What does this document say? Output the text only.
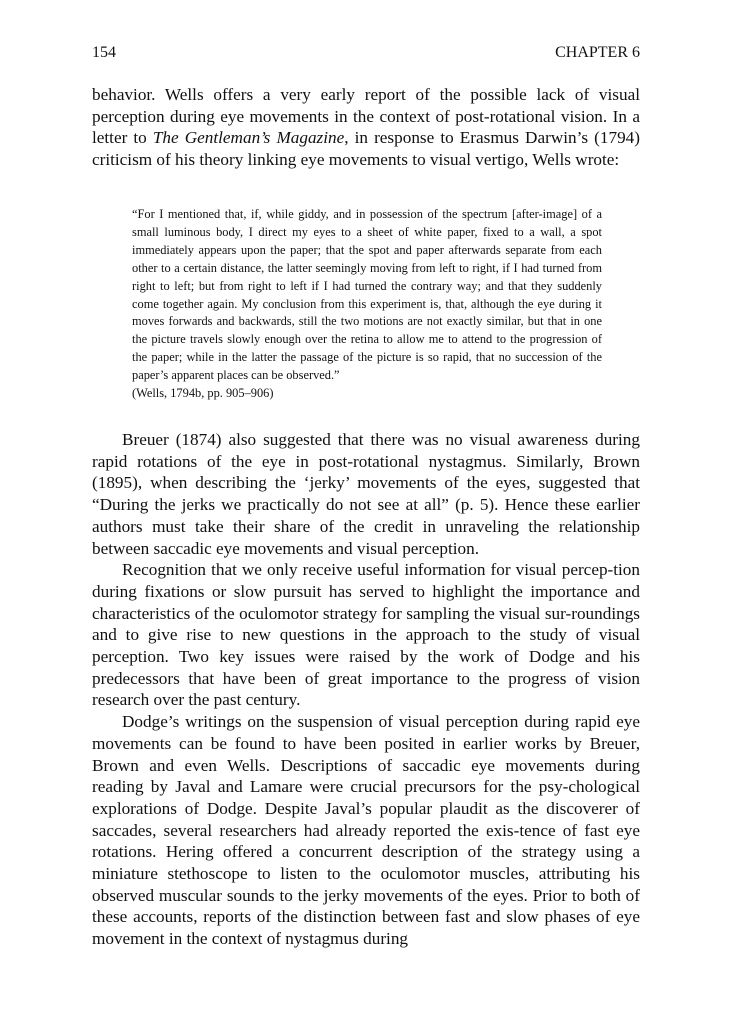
154	CHAPTER 6

behavior. Wells offers a very early report of the possible lack of visual perception during eye movements in the context of post-rotational vision. In a letter to The Gentleman’s Magazine, in response to Erasmus Darwin’s (1794) criticism of his theory linking eye movements to visual vertigo, Wells wrote:

“For I mentioned that, if, while giddy, and in possession of the spectrum [after-image] of a small luminous body, I direct my eyes to a sheet of white paper, fixed to a wall, a spot immediately appears upon the paper; that the spot and paper afterwards separate from each other to a certain distance, the latter seemingly moving from left to right, if I had turned from right to left; but from right to left if I had turned the contrary way; and that they suddenly come together again. My conclusion from this experiment is, that, although the eye during it moves forwards and backwards, still the two motions are not exactly similar, but that in one the picture travels slowly enough over the retina to allow me to attend to the progression of the paper; while in the latter the passage of the picture is so rapid, that no succession of the paper’s apparent places can be observed.”

(Wells, 1794b, pp. 905–906)

Breuer (1874) also suggested that there was no visual awareness during rapid rotations of the eye in post-rotational nystagmus. Similarly, Brown (1895), when describing the ‘jerky’ movements of the eyes, suggested that “During the jerks we practically do not see at all” (p. 5). Hence these earlier authors must take their share of the credit in unraveling the relationship between saccadic eye movements and visual perception.

Recognition that we only receive useful information for visual percep-tion during fixations or slow pursuit has served to highlight the importance and characteristics of the oculomotor strategy for sampling the visual sur-roundings and to give rise to new questions in the approach to the study of visual perception. Two key issues were raised by the work of Dodge and his predecessors that have been of great importance to the progress of vision research over the past century.

Dodge’s writings on the suspension of visual perception during rapid eye movements can be found to have been posited in earlier works by Breuer, Brown and even Wells. Descriptions of saccadic eye movements during reading by Javal and Lamare were crucial precursors for the psy-chological explorations of Dodge. Despite Javal’s popular plaudit as the discoverer of saccades, several researchers had already reported the exis-tence of fast eye rotations. Hering offered a concurrent description of the strategy using a miniature stethoscope to listen to the oculomotor muscles, attributing his observed muscular sounds to the jerky movements of the eyes. Prior to both of these accounts, reports of the distinction between fast and slow phases of eye movement in the context of nystagmus during
